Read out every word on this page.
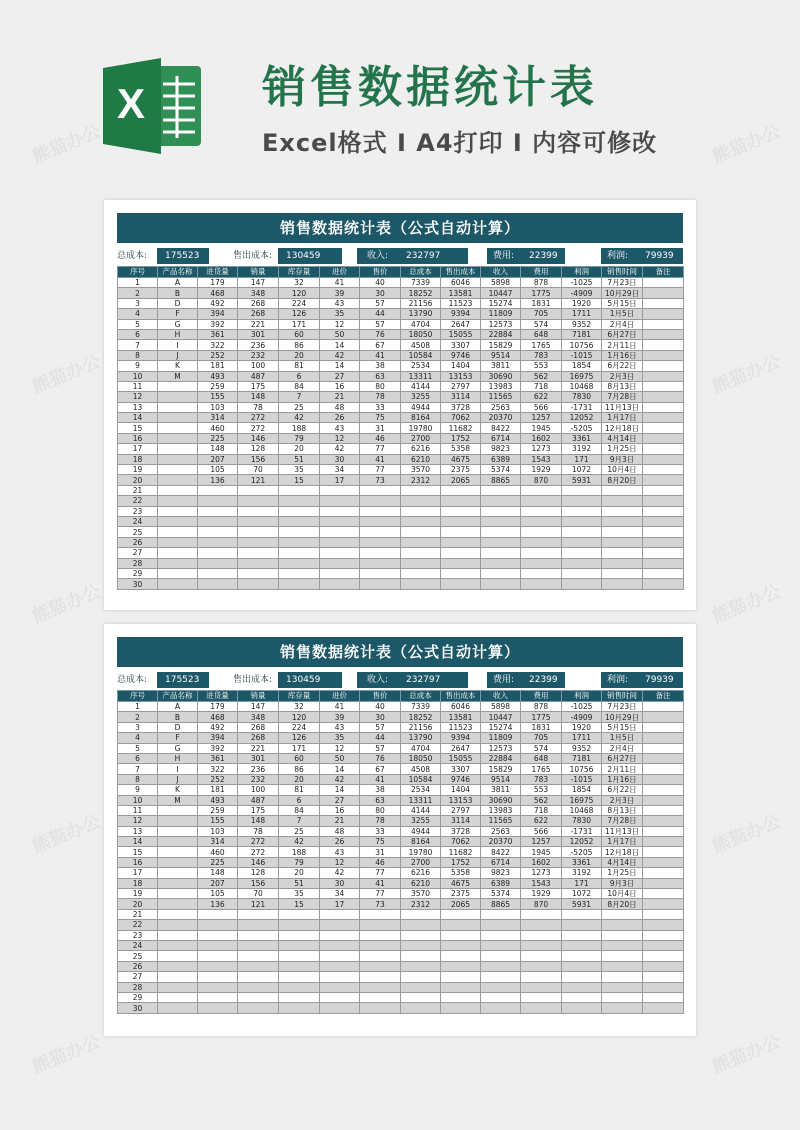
X	销售数据统计表
Excel格式 I A4打印 I 内容可修改
销售数据统计表（公式自动计算）
总成本:	175523	售出成本:	130459	收入:	232797	费用:	22399	利润:	79939
序号	产品名称	进货量	销量	库存量	进价	售价	总成本	售出成本	收入	费用	利润	销售时间	备注
1	A	179	147	32	41	40	7339	6046	5898	878	-1025	7月23日	
2	B	468	348	120	39	30	18252	13581	10447	1775	-4909	10月29日	
3	D	492	268	224	43	57	21156	11523	15274	1831	1920	5月15日	
4	F	394	268	126	35	44	13790	9394	11809	705	1711	1月5日	
5	G	392	221	171	12	57	4704	2647	12573	574	9352	2月4日	
6	H	361	301	60	50	76	18050	15055	22884	648	7181	6月27日	
7	I	322	236	86	14	67	4508	3307	15829	1765	10756	2月11日	
8	J	252	232	20	42	41	10584	9746	9514	783	-1015	1月16日	
9	K	181	100	81	14	38	2534	1404	3811	553	1854	6月22日	
10	M	493	487	6	27	63	13311	13153	30690	562	16975	2月3日	
11		259	175	84	16	80	4144	2797	13983	718	10468	8月13日	
12		155	148	7	21	78	3255	3114	11565	622	7830	7月28日	
13		103	78	25	48	33	4944	3728	2563	566	-1731	11月13日	
14		314	272	42	26	75	8164	7062	20370	1257	12052	1月17日	
15		460	272	188	43	31	19780	11682	8422	1945	-5205	12月18日	
16		225	146	79	12	46	2700	1752	6714	1602	3361	4月14日	
17		148	128	20	42	77	6216	5358	9823	1273	3192	1月25日	
18		207	156	51	30	41	6210	4675	6389	1543	171	9月3日	
19		105	70	35	34	77	3570	2375	5374	1929	1072	10月4日	
20		136	121	15	17	73	2312	2065	8865	870	5931	8月20日	
21													
22													
23													
24													
25													
26													
27													
28													
29													
30													
销售数据统计表（公式自动计算）
总成本:	175523	售出成本:	130459	收入:	232797	费用:	22399	利润:	79939
序号	产品名称	进货量	销量	库存量	进价	售价	总成本	售出成本	收入	费用	利润	销售时间	备注
1	A	179	147	32	41	40	7339	6046	5898	878	-1025	7月23日	
2	B	468	348	120	39	30	18252	13581	10447	1775	-4909	10月29日	
3	D	492	268	224	43	57	21156	11523	15274	1831	1920	5月15日	
4	F	394	268	126	35	44	13790	9394	11809	705	1711	1月5日	
5	G	392	221	171	12	57	4704	2647	12573	574	9352	2月4日	
6	H	361	301	60	50	76	18050	15055	22884	648	7181	6月27日	
7	I	322	236	86	14	67	4508	3307	15829	1765	10756	2月11日	
8	J	252	232	20	42	41	10584	9746	9514	783	-1015	1月16日	
9	K	181	100	81	14	38	2534	1404	3811	553	1854	6月22日	
10	M	493	487	6	27	63	13311	13153	30690	562	16975	2月3日	
11		259	175	84	16	80	4144	2797	13983	718	10468	8月13日	
12		155	148	7	21	78	3255	3114	11565	622	7830	7月28日	
13		103	78	25	48	33	4944	3728	2563	566	-1731	11月13日	
14		314	272	42	26	75	8164	7062	20370	1257	12052	1月17日	
15		460	272	188	43	31	19780	11682	8422	1945	-5205	12月18日	
16		225	146	79	12	46	2700	1752	6714	1602	3361	4月14日	
17		148	128	20	42	77	6216	5358	9823	1273	3192	1月25日	
18		207	156	51	30	41	6210	4675	6389	1543	171	9月3日	
19		105	70	35	34	77	3570	2375	5374	1929	1072	10月4日	
20		136	121	15	17	73	2312	2065	8865	870	5931	8月20日	
21													
22													
23													
24													
25													
26													
27													
28													
29													
30													
熊猫办公	熊猫办公
熊猫办公	熊猫办公
熊猫办公	熊猫办公
熊猫办公	熊猫办公
熊猫办公	熊猫办公
